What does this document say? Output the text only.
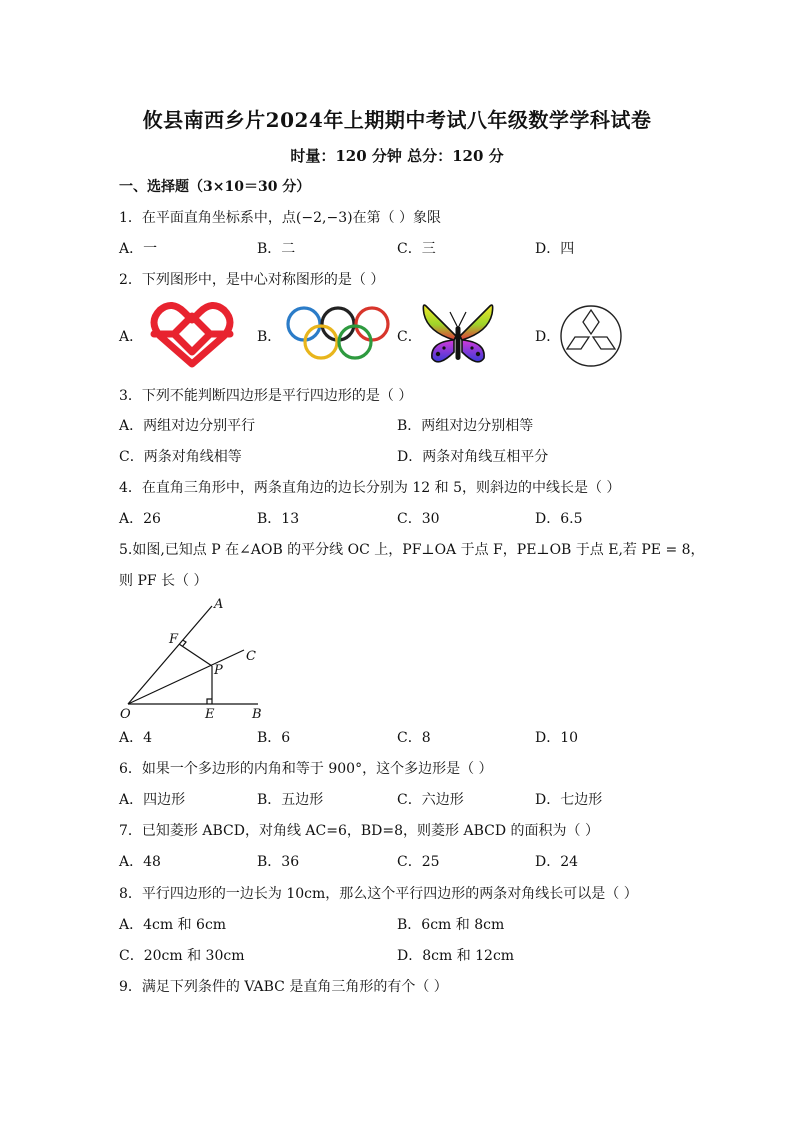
攸县南西乡片2024年上期期中考试八年级数学学科试卷
时量：120 分钟 总分：120 分
一、选择题（3×10＝30 分）
1．在平面直角坐标系中，点(−2,−3)在第（ ）象限
A．一	B．二	C．三	D．四
2．下列图形中，是中心对称图形的是（ ）
A．	B．	C．	D．
3．下列不能判断四边形是平行四边形的是（ ）
A．两组对边分别平行	B．两组对边分别相等
C．两条对角线相等	D．两条对角线互相平分
4．在直角三角形中，两条直角边的边长分别为 12 和 5，则斜边的中线长是（ ）
A．26	B．13	C．30	D．6.5
5.如图,已知点 P 在∠AOB 的平分线 OC 上，PF⊥OA 于点 F，PE⊥OB 于点 E,若 PE = 8，
则 PF 长（ ）
A
F
P
C
O	E	B
A．4	B．6	C．8	D．10
6．如果一个多边形的内角和等于 900°，这个多边形是（ ）
A．四边形	B．五边形	C．六边形	D．七边形
7．已知菱形 ABCD，对角线 AC=6，BD=8，则菱形 ABCD 的面积为（ ）
A．48	B．36	C．25	D．24
8．平行四边形的一边长为 10cm，那么这个平行四边形的两条对角线长可以是（ ）
A．4cm 和 6cm	B．6cm 和 8cm
C．20cm 和 30cm	D．8cm 和 12cm
9．满足下列条件的 VABC 是直角三角形的有个（ ）
